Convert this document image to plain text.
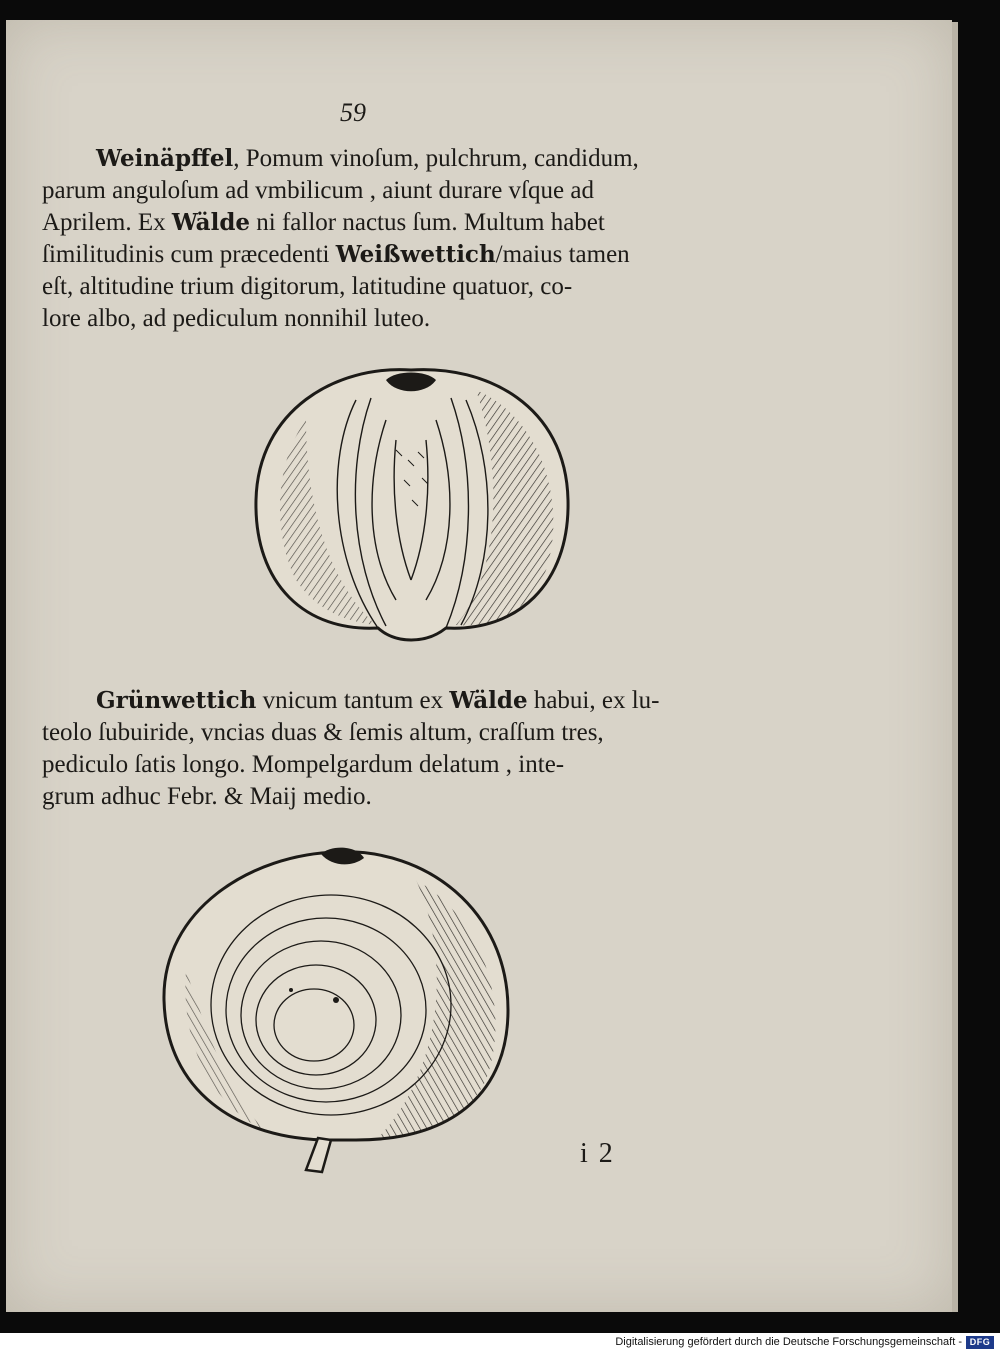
59

Weinäpffel, Pomum vinoſum, pulchrum, candidum,

parum anguloſum ad vmbilicum , aiunt durare vſque ad

Aprilem. Ex Wälde ni fallor nactus ſum. Multum habet

ſimilitudinis cum præcedenti Weißwettich/maius tamen

eſt, altitudine trium digitorum, latitudine quatuor, co-

lore albo, ad pediculum nonnihil luteo.

Grünwettich vnicum tantum ex Wälde habui, ex lu-

teolo ſubuiride, vncias duas & ſemis altum, craſſum tres,

pediculo ſatis longo. Mompelgardum delatum , inte-

grum adhuc Febr. & Maij medio.

i 2
Digitalisierung gefördert durch die Deutsche Forschungsgemeinschaft - DFG
